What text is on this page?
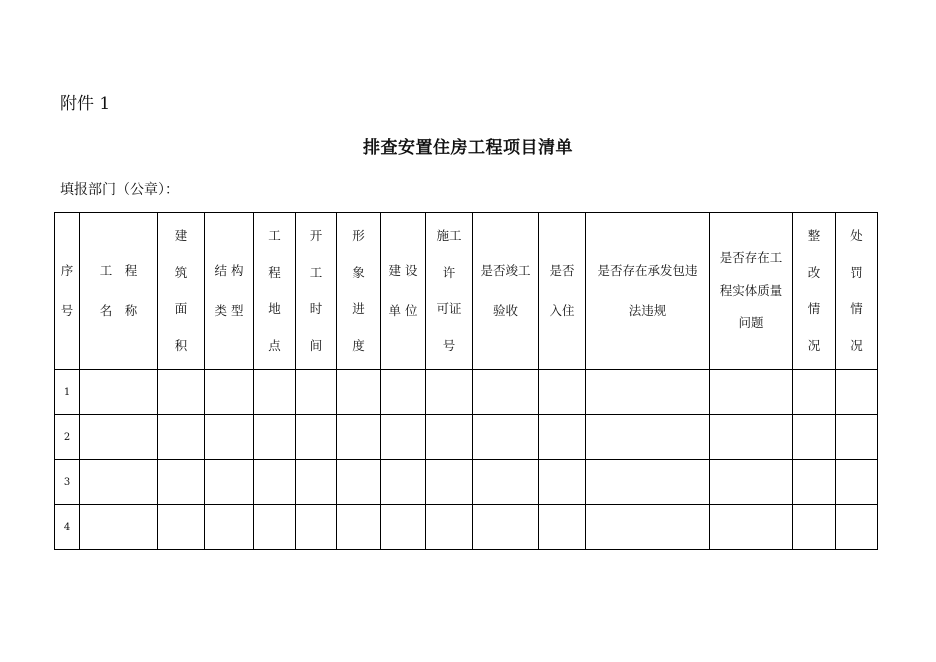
附件 1
排查安置住房工程项目清单
填报部门（公章）：
序
号	工　程
名　称	建
筑
面
积	结 构
类 型	工
程
地
点	开
工
时
间	形
象
进
度	建 设
单 位	施工
许
可证
号	是否竣工
验收	是否
入住	是否存在承发包违
法违规	是否存在工
程实体质量
问题	整
改
情
况	处
罚
情
况

1														
2														
3														
4														
